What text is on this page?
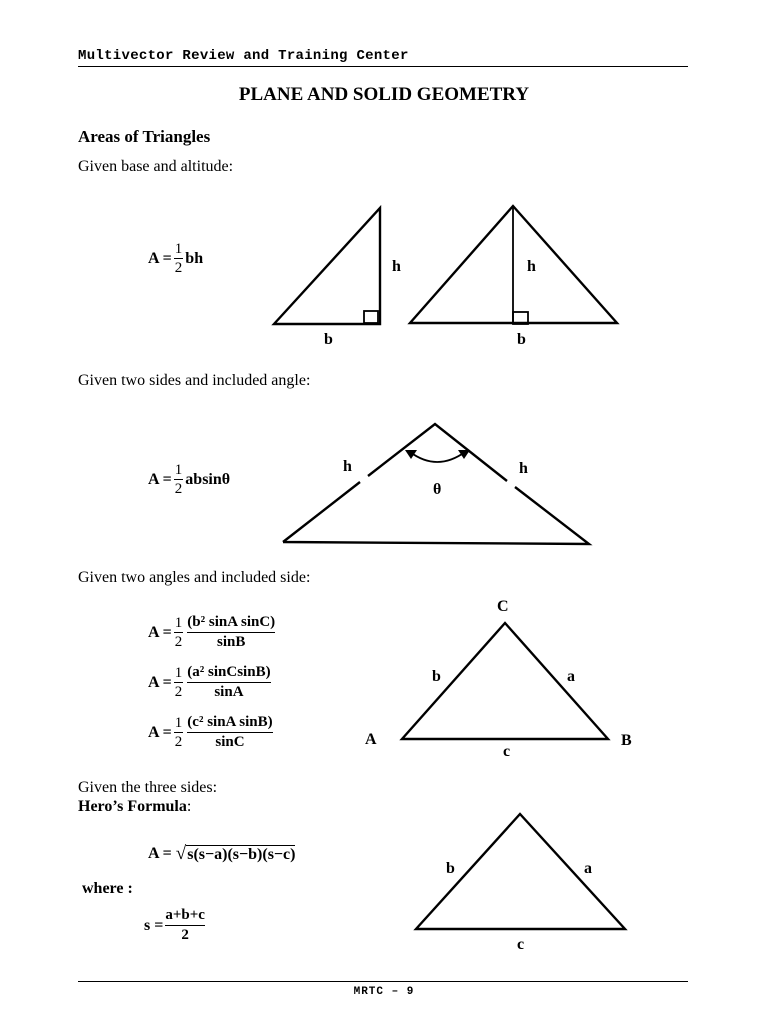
Multivector Review and Training Center
PLANE AND SOLID GEOMETRY
Areas of Triangles
Given base and altitude:
$A = \frac{1}{2}$ bh	h
b
h
b
h	h
θ
C
b	a
A	B
c
b	a
c
Given two sides and included angle:
$A = \frac{1}{2}$ absinθ
Given two angles and included side:
$A = \frac{1}{2} (b^2$ sinA sinC)
sinB
$A = \frac{1}{2} (a^2$ sinCsinB)
sinA
$A = \frac{1}{2} (c^2$ sinA sinB)
sinC
Given the three sides:
Hero’s Formula:
A = √ s(s−a)(s−b)(s−c)
where :
$s = \frac{a+b+c}{2}$
MRTC – 9
